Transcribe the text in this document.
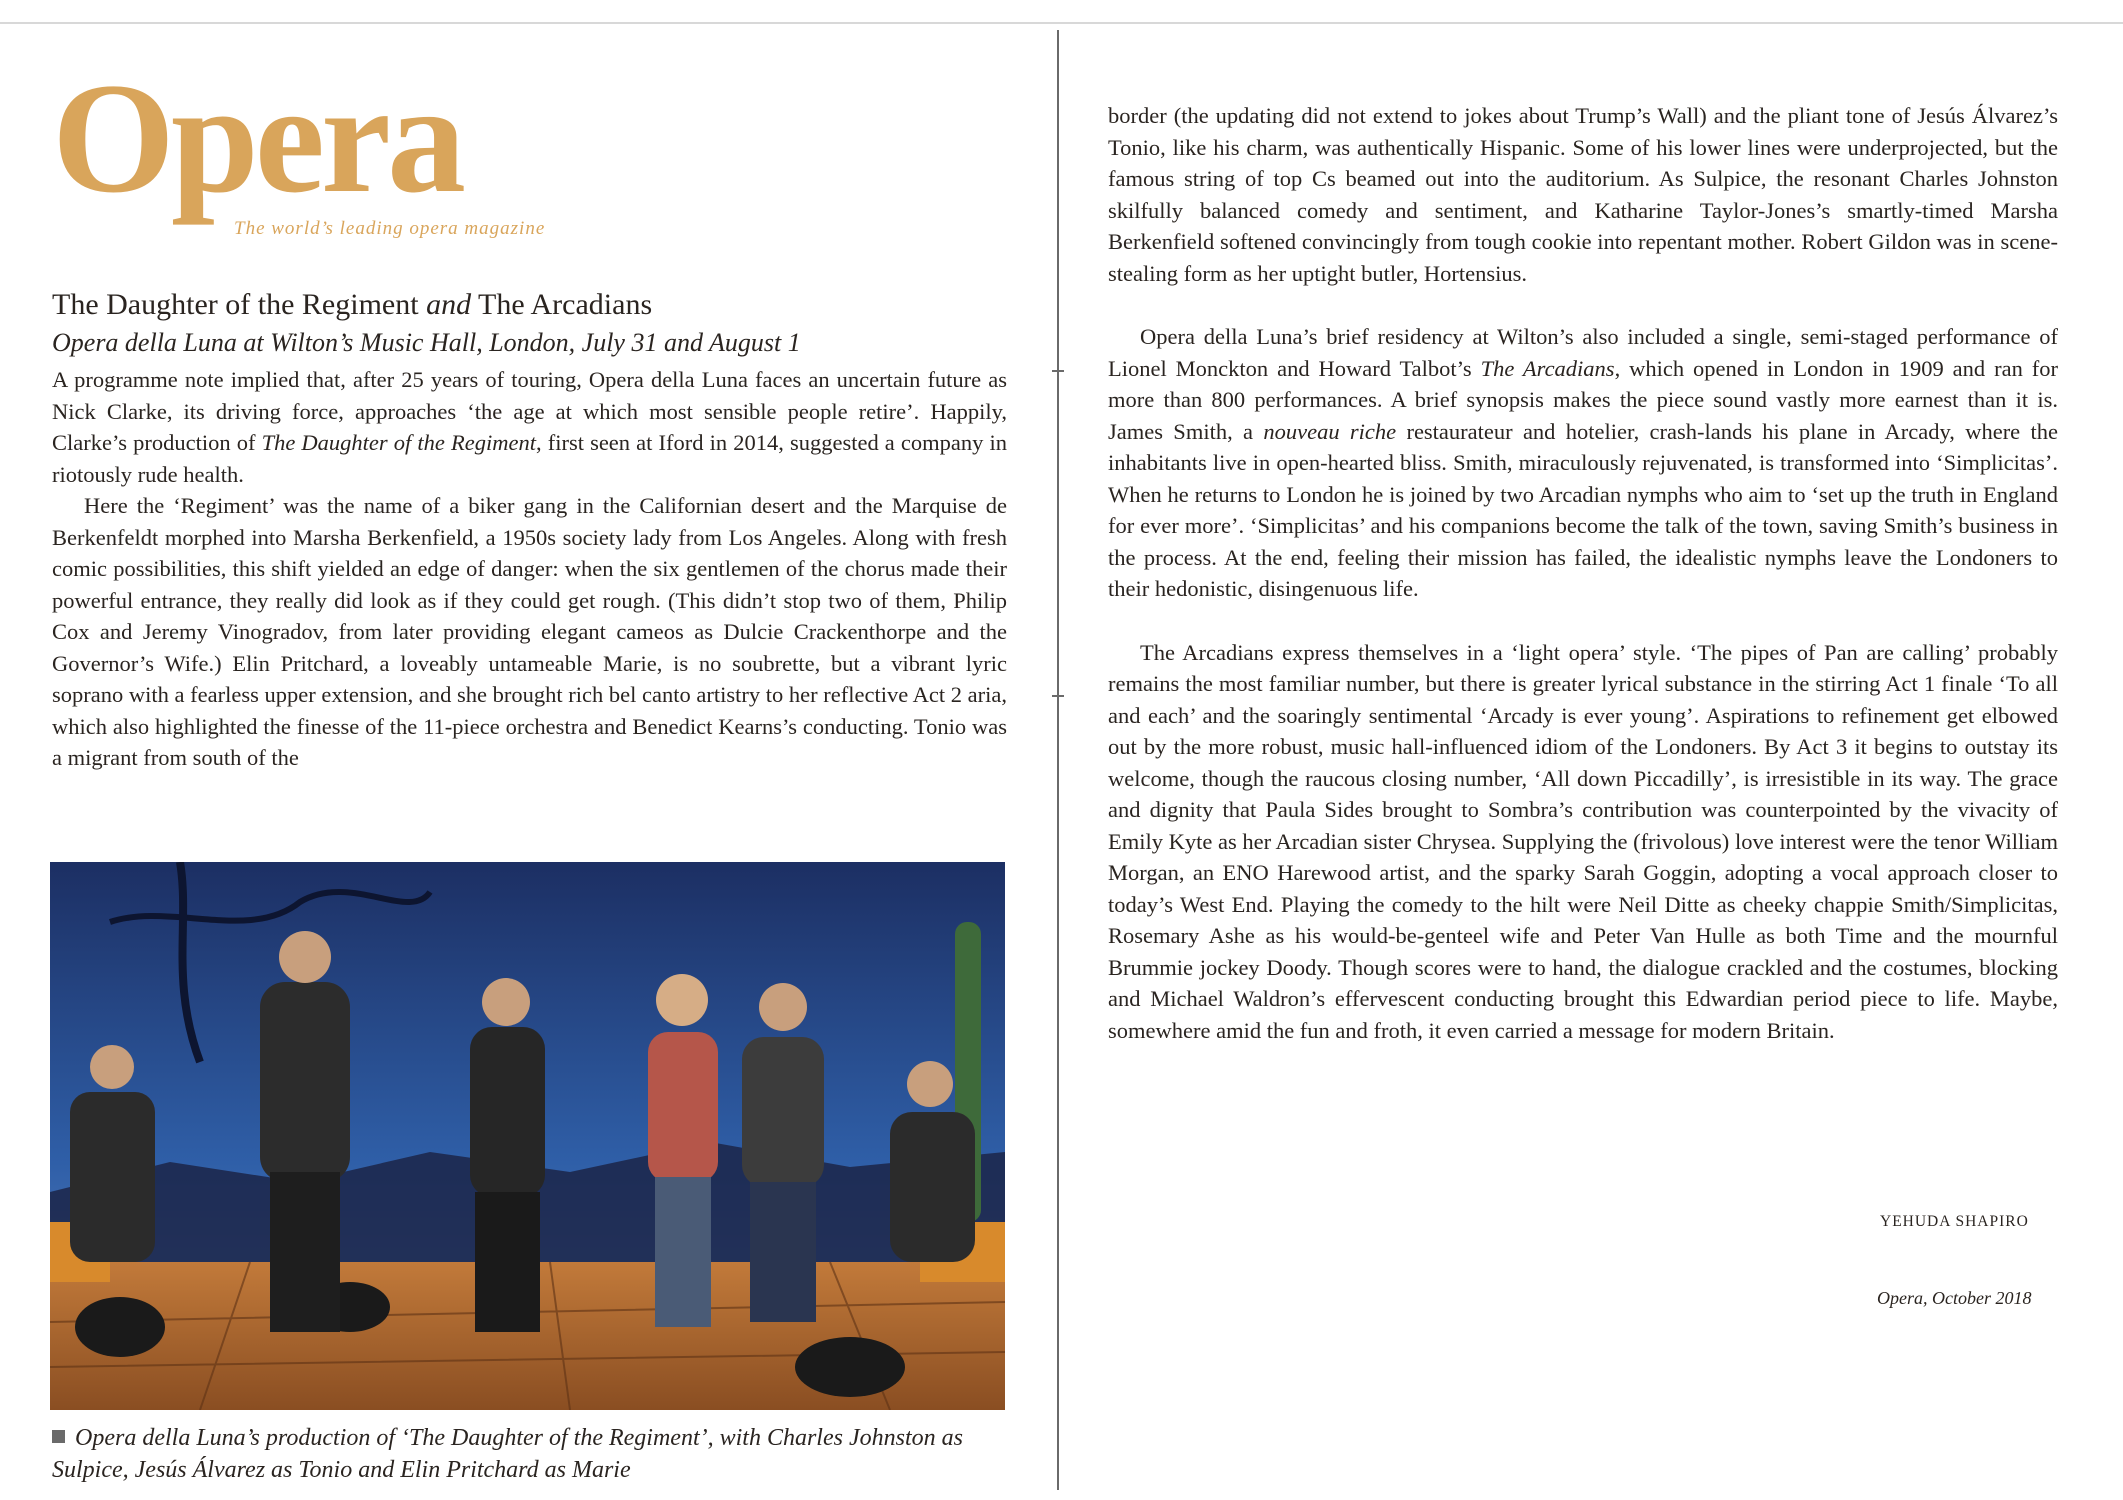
Opera
The world’s leading opera magazine
The Daughter of the Regiment and The Arcadians
Opera della Luna at Wilton’s Music Hall, London, July 31 and August 1

A programme note implied that, after 25 years of touring, Opera della Luna faces an uncertain future as Nick Clarke, its driving force, approaches ‘the age at which most sensible people retire’. Happily, Clarke’s production of The Daughter of the Regiment, first seen at Iford in 2014, suggested a company in riotously rude health.

Here the ‘Regiment’ was the name of a biker gang in the Californian desert and the Marquise de Berkenfeldt morphed into Marsha Berkenfield, a 1950s society lady from Los Angeles. Along with fresh comic possibilities, this shift yielded an edge of danger: when the six gentlemen of the chorus made their powerful entrance, they really did look as if they could get rough. (This didn’t stop two of them, Philip Cox and Jeremy Vinogradov, from later providing elegant cameos as Dulcie Crackenthorpe and the Governor’s Wife.) Elin Pritchard, a loveably untameable Marie, is no soubrette, but a vibrant lyric soprano with a fearless upper extension, and she brought rich bel canto artistry to her reflective Act 2 aria, which also highlighted the finesse of the 11-piece orchestra and Benedict Kearns’s conducting. Tonio was a migrant from south of the

Opera della Luna’s production of ‘The Daughter of the Regiment’, with Charles Johnston as Sulpice, Jesús Álvarez as Tonio and Elin Pritchard as Marie

border (the updating did not extend to jokes about Trump’s Wall) and the pliant tone of Jesús Álvarez’s Tonio, like his charm, was authentically Hispanic. Some of his lower lines were underprojected, but the famous string of top Cs beamed out into the auditorium. As Sulpice, the resonant Charles Johnston skilfully balanced comedy and sentiment, and Katharine Taylor-Jones’s smartly-timed Marsha Berkenfield softened convincingly from tough cookie into repentant mother. Robert Gildon was in scene-stealing form as her uptight butler, Hortensius.

Opera della Luna’s brief residency at Wilton’s also included a single, semi-staged performance of Lionel Monckton and Howard Talbot’s The Arcadians, which opened in London in 1909 and ran for more than 800 performances. A brief synopsis makes the piece sound vastly more earnest than it is. James Smith, a nouveau riche restaurateur and hotelier, crash-lands his plane in Arcady, where the inhabitants live in open-hearted bliss. Smith, miraculously rejuvenated, is transformed into ‘Simplicitas’. When he returns to London he is joined by two Arcadian nymphs who aim to ‘set up the truth in England for ever more’. ‘Simplicitas’ and his companions become the talk of the town, saving Smith’s business in the process. At the end, feeling their mission has failed, the idealistic nymphs leave the Londoners to their hedonistic, disingenuous life.

The Arcadians express themselves in a ‘light opera’ style. ‘The pipes of Pan are calling’ probably remains the most familiar number, but there is greater lyrical substance in the stirring Act 1 finale ‘To all and each’ and the soaringly sentimental ‘Arcady is ever young’. Aspirations to refinement get elbowed out by the more robust, music hall-influenced idiom of the Londoners. By Act 3 it begins to outstay its welcome, though the raucous closing number, ‘All down Piccadilly’, is irresistible in its way. The grace and dignity that Paula Sides brought to Sombra’s contribution was counterpointed by the vivacity of Emily Kyte as her Arcadian sister Chrysea. Supplying the (frivolous) love interest were the tenor William Morgan, an ENO Harewood artist, and the sparky Sarah Goggin, adopting a vocal approach closer to today’s West End. Playing the comedy to the hilt were Neil Ditte as cheeky chappie Smith/Simplicitas, Rosemary Ashe as his would-be-genteel wife and Peter Van Hulle as both Time and the mournful Brummie jockey Doody. Though scores were to hand, the dialogue crackled and the costumes, blocking and Michael Waldron’s effervescent conducting brought this Edwardian period piece to life. Maybe, somewhere amid the fun and froth, it even carried a message for modern Britain.

YEHUDA SHAPIRO
Opera, October 2018
